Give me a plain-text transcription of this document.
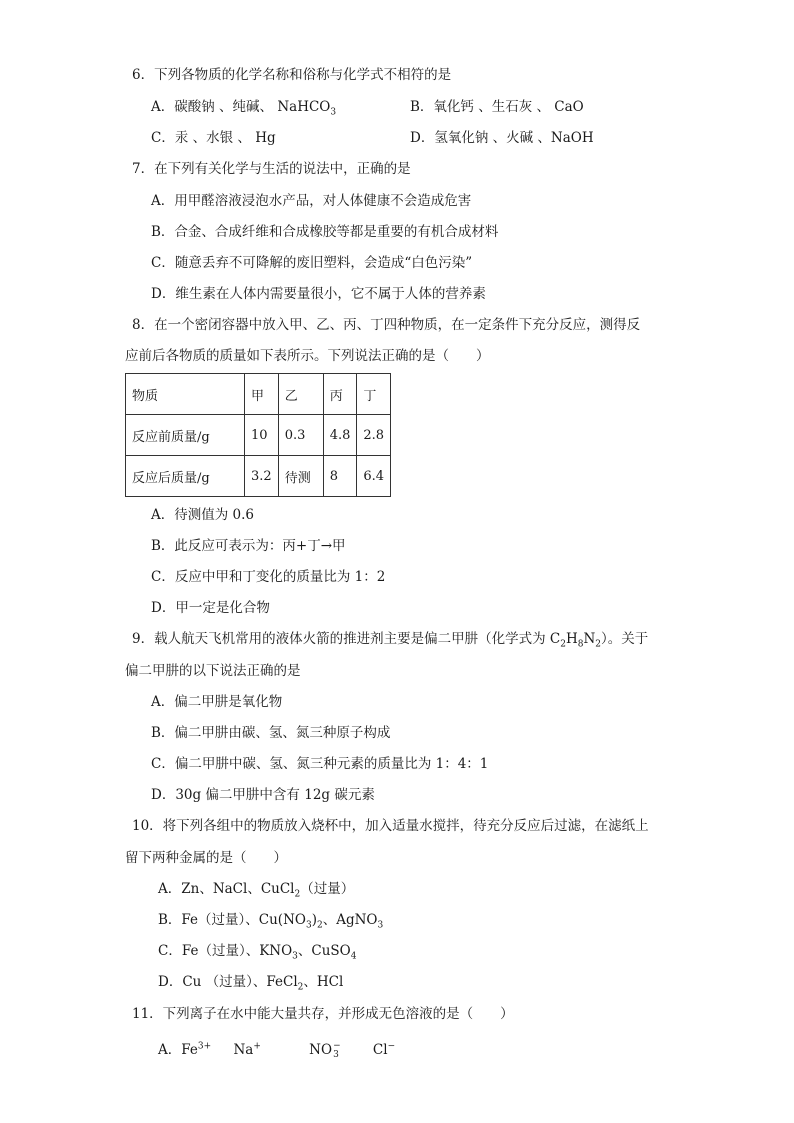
6．下列各物质的化学名称和俗称与化学式不相符的是
A．碳酸钠 、纯碱、 NaHCO$_3$	B．氧化钙 、生石灰 、 CaO
C．汞 、水银 、 Hg	D．氢氧化钠 、火碱 、NaOH
7．在下列有关化学与生活的说法中，正确的是
A．用甲醛溶液浸泡水产品，对人体健康不会造成危害
B．合金、合成纤维和合成橡胶等都是重要的有机合成材料
C．随意丢弃不可降解的废旧塑料，会造成“白色污染”
D．维生素在人体内需要量很小，它不属于人体的营养素
8．在一个密闭容器中放入甲、乙、丙、丁四种物质，在一定条件下充分反应，测得反
应前后各物质的质量如下表所示。下列说法正确的是（　　）
物质	甲	乙	丙	丁
反应前质量/g	10	0.3	4.8	2.8
反应后质量/g	3.2	待测	8	6.4
A．待测值为 0.6
B．此反应可表示为：丙+丁→甲
C．反应中甲和丁变化的质量比为 1：2
D．甲一定是化合物
9．载人航天飞机常用的液体火箭的推进剂主要是偏二甲肼（化学式为 $C_2H_8N_2$）。关于
偏二甲肼的以下说法正确的是
A．偏二甲肼是氧化物
B．偏二甲肼由碳、氢、氮三种原子构成
C．偏二甲肼中碳、氢、氮三种元素的质量比为 1：4：1
D．30g 偏二甲肼中含有 12g 碳元素
10．将下列各组中的物质放入烧杯中，加入适量水搅拌，待充分反应后过滤，在滤纸上
留下两种金属的是（　　）
A．Zn、NaCl、CuCl$_2$（过量）
B．Fe（过量）、$Cu(NO_3)_2$、AgNO$_3$
C．Fe（过量）、$KNO_3$、CuSO$_4$
D．Cu （过量）、FeCl$_2$、HCl
11．下列离子在水中能大量共存，并形成无色溶液的是（　　）
A．$Fe^{3+}$ Na+	NO −
3	Cl−
